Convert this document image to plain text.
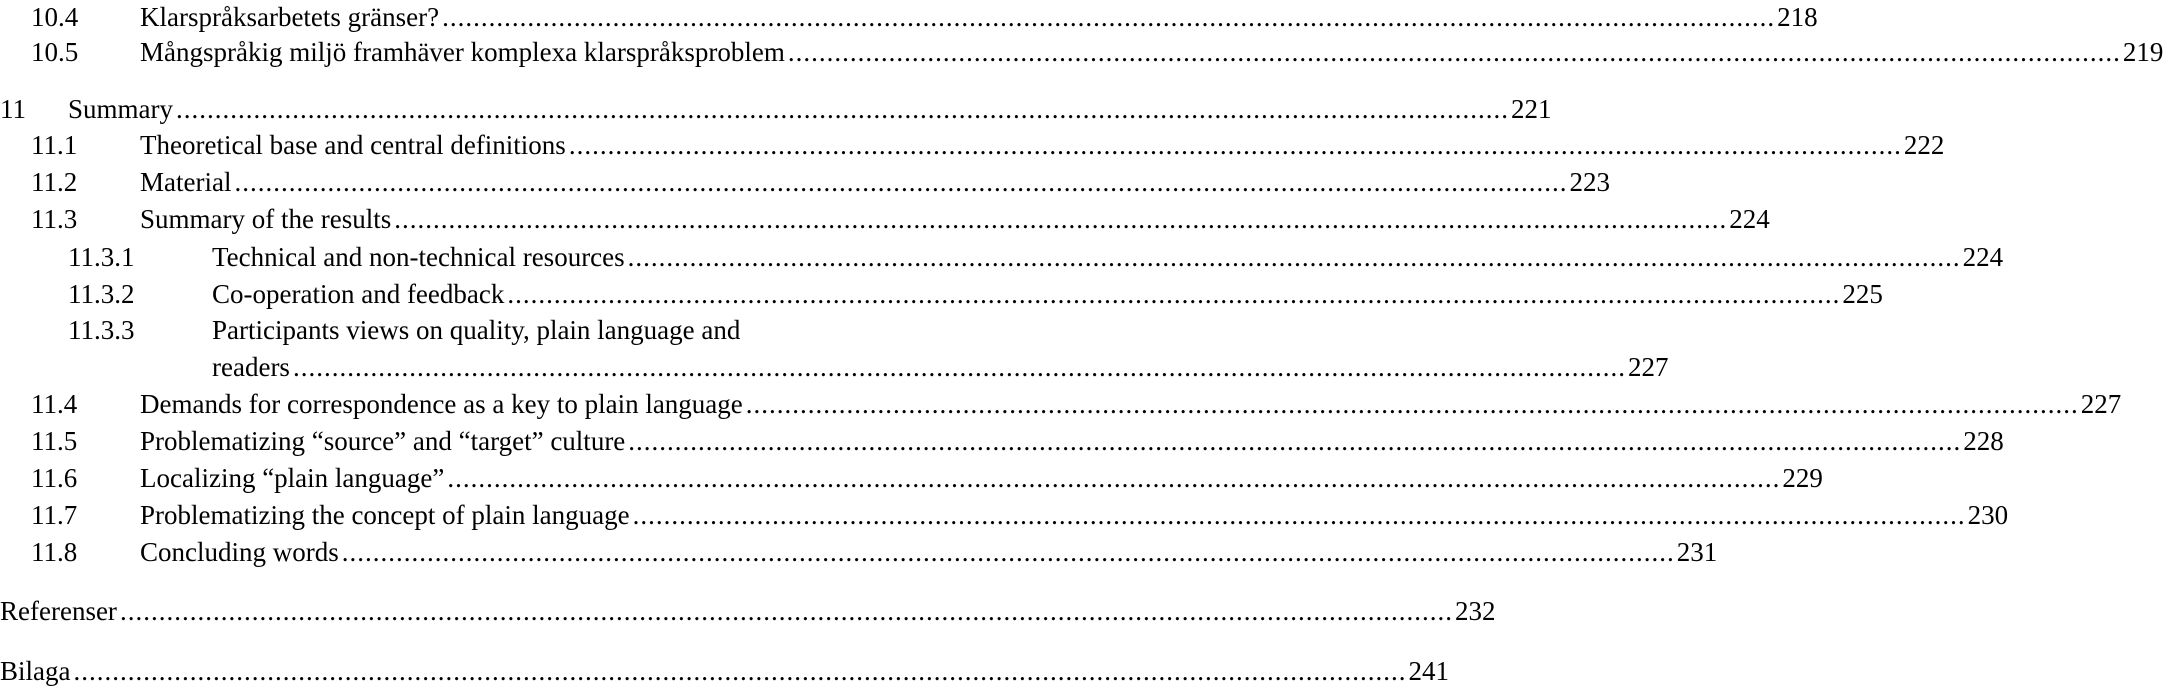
10.4 Klarspråksarbetets gränser? ............................................................................................................................................................................ 218
10.5 Mångspråkig miljö framhäver komplexa klarspråksproblem ............................................................................................................................................................................ 219
11 Summary ............................................................................................................................................................................ 221
11.1 Theoretical base and central definitions ............................................................................................................................................................................ 222
11.2 Material ............................................................................................................................................................................ 223
11.3 Summary of the results ............................................................................................................................................................................ 224
11.3.1	Technical and non-technical resources ............................................................................................................................................................................ 224
11.3.2	Co-operation and feedback ............................................................................................................................................................................ 225
11.3.3	Participants views on quality, plain language and
readers ............................................................................................................................................................................ 227
11.4 Demands for correspondence as a key to plain language ............................................................................................................................................................................ 227
11.5 Problematizing “source” and “target” culture ............................................................................................................................................................................ 228
11.6 Localizing “plain language” ............................................................................................................................................................................ 229
11.7 Problematizing the concept of plain language ............................................................................................................................................................................ 230
11.8 Concluding words ............................................................................................................................................................................ 231
Referenser ............................................................................................................................................................................ 232
Bilaga ............................................................................................................................................................................ 241
